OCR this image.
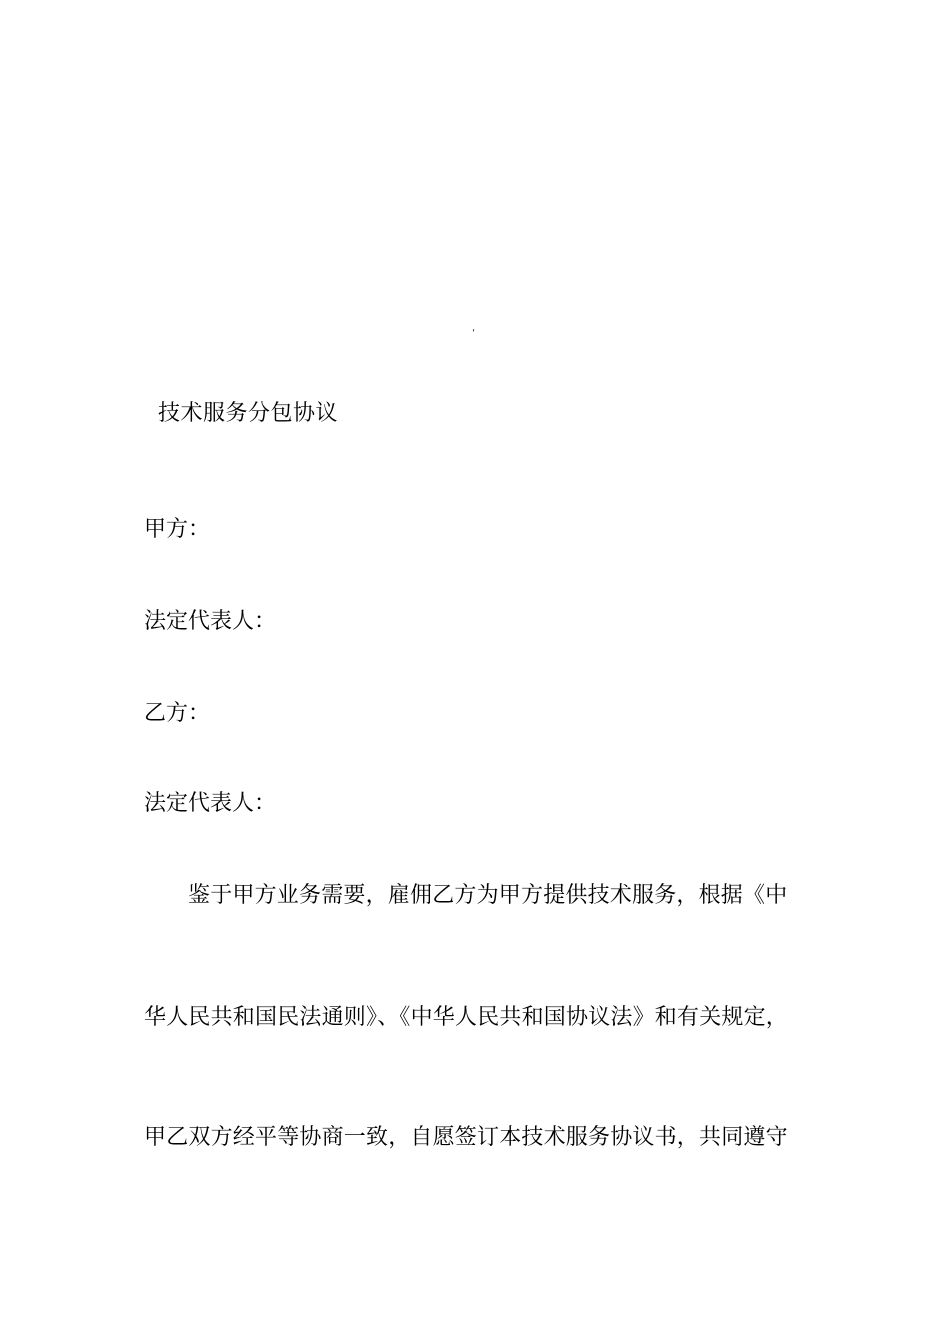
‘
技术服务分包协议
甲方：
法定代表人：
乙方：
法定代表人：
鉴于甲方业务需要，雇佣乙方为甲方提供技术服务，根据《中
华人民共和国民法通则》、《中华人民共和国协议法》和有关规定，
甲乙双方经平等协商一致，自愿签订本技术服务协议书，共同遵守
